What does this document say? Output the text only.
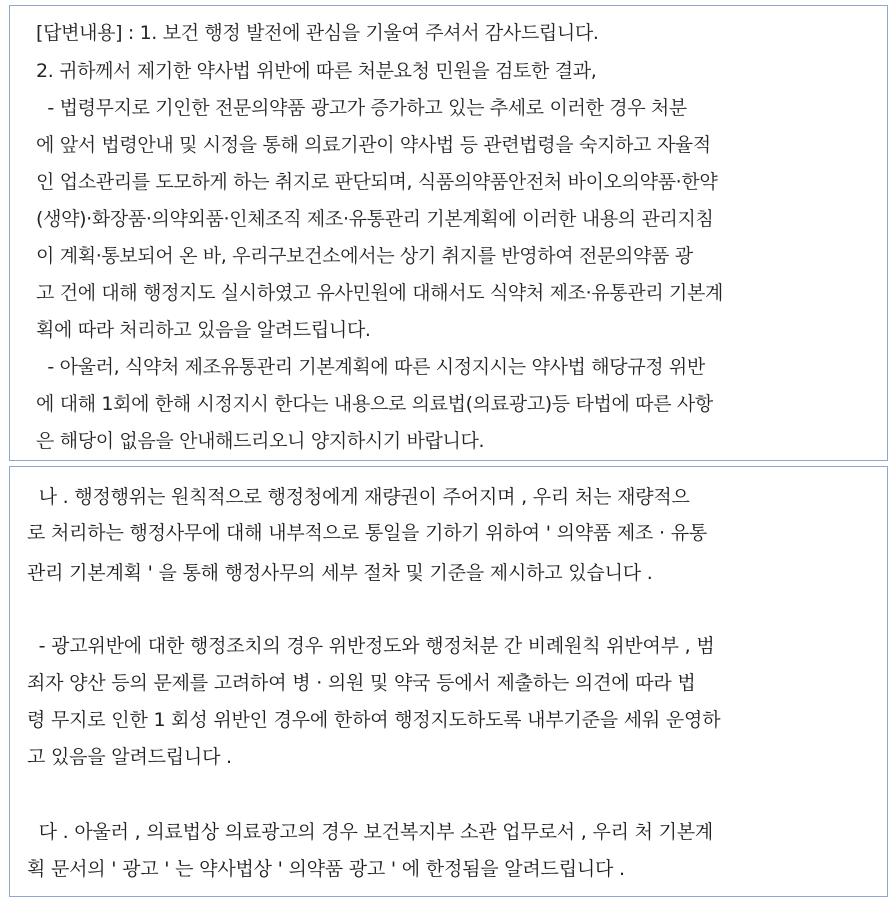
[답변내용] : 1. 보건 행정 발전에 관심을 기울여 주셔서 감사드립니다.
2. 귀하께서 제기한 약사법 위반에 따른 처분요청 민원을 검토한 결과,
- 법령무지로 기인한 전문의약품 광고가 증가하고 있는 추세로 이러한 경우 처분
에 앞서 법령안내 및 시정을 통해 의료기관이 약사법 등 관련법령을 숙지하고 자율적
인 업소관리를 도모하게 하는 취지로 판단되며, 식품의약품안전처 바이오의약품·한약
(생약)·화장품·의약외품·인체조직 제조·유통관리 기본계획에 이러한 내용의 관리지침
이 계획·통보되어 온 바, 우리구보건소에서는 상기 취지를 반영하여 전문의약품 광
고 건에 대해 행정지도 실시하였고 유사민원에 대해서도 식약처 제조·유통관리 기본계
획에 따라 처리하고 있음을 알려드립니다.
- 아울러, 식약처 제조유통관리 기본계획에 따른 시정지시는 약사법 해당규정 위반
에 대해 1회에 한해 시정지시 한다는 내용으로 의료법(의료광고)등 타법에 따른 사항
은 해당이 없음을 안내해드리오니 양지하시기 바랍니다.
나 . 행정행위는 원칙적으로 행정청에게 재량권이 주어지며 , 우리 처는 재량적으
로 처리하는 행정사무에 대해 내부적으로 통일을 기하기 위하여 ' 의약품 제조 · 유통
관리 기본계획 ' 을 통해 행정사무의 세부 절차 및 기준을 제시하고 있습니다 .
- 광고위반에 대한 행정조치의 경우 위반정도와 행정처분 간 비례원칙 위반여부 , 범
죄자 양산 등의 문제를 고려하여 병 · 의원 및 약국 등에서 제출하는 의견에 따라 법
령 무지로 인한 1 회성 위반인 경우에 한하여 행정지도하도록 내부기준을 세워 운영하
고 있음을 알려드립니다 .
다 . 아울러 , 의료법상 의료광고의 경우 보건복지부 소관 업무로서 , 우리 처 기본계
획 문서의 ' 광고 ' 는 약사법상 ' 의약품 광고 ' 에 한정됨을 알려드립니다 .
